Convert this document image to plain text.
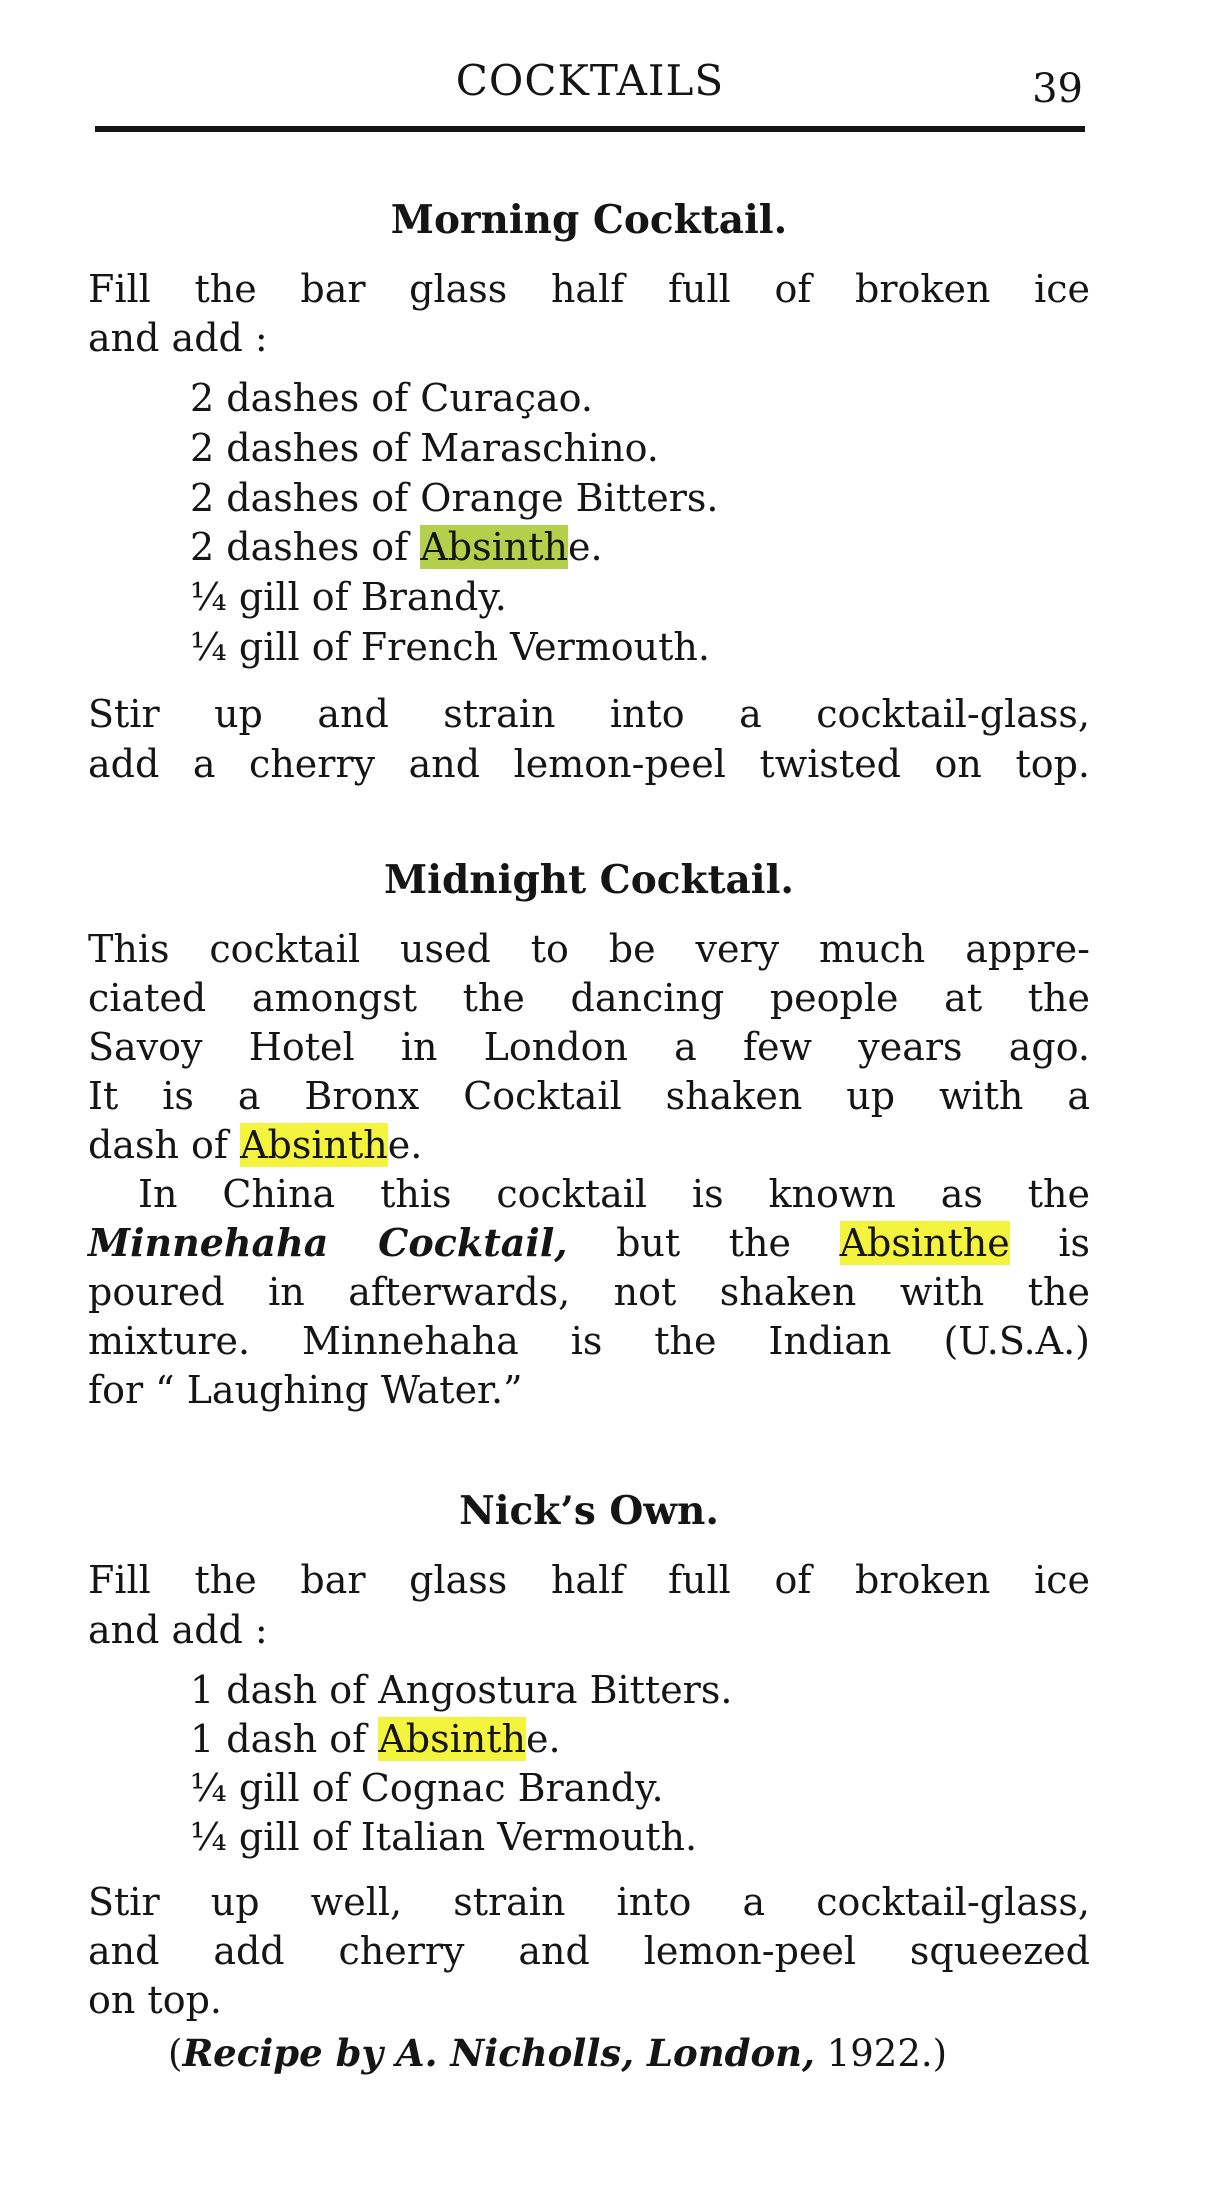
COCKTAILS	39
Morning Cocktail.
Fill the bar glass half full of broken ice
and add :
2 dashes of Curaçao.
2 dashes of Maraschino.
2 dashes of Orange Bitters.
2 dashes of Absinthe.
¼ gill of Brandy.
¼ gill of French Vermouth.
Stir up and strain into a cocktail-glass,
add a cherry and lemon-peel twisted on top.
Midnight Cocktail.
This cocktail used to be very much appre-
ciated amongst the dancing people at the
Savoy Hotel in London a few years ago.
It is a Bronx Cocktail shaken up with a
dash of Absinthe.
In China this cocktail is known as the
Minnehaha Cocktail, but the Absinthe is
poured in afterwards, not shaken with the
mixture. Minnehaha is the Indian (U.S.A.)
for “ Laughing Water.”
Nick’s Own.
Fill the bar glass half full of broken ice
and add :
1 dash of Angostura Bitters.
1 dash of Absinthe.
¼ gill of Cognac Brandy.
¼ gill of Italian Vermouth.
Stir up well, strain into a cocktail-glass,
and add cherry and lemon-peel squeezed
on top.
(Recipe by A. Nicholls, London, 1922.)
